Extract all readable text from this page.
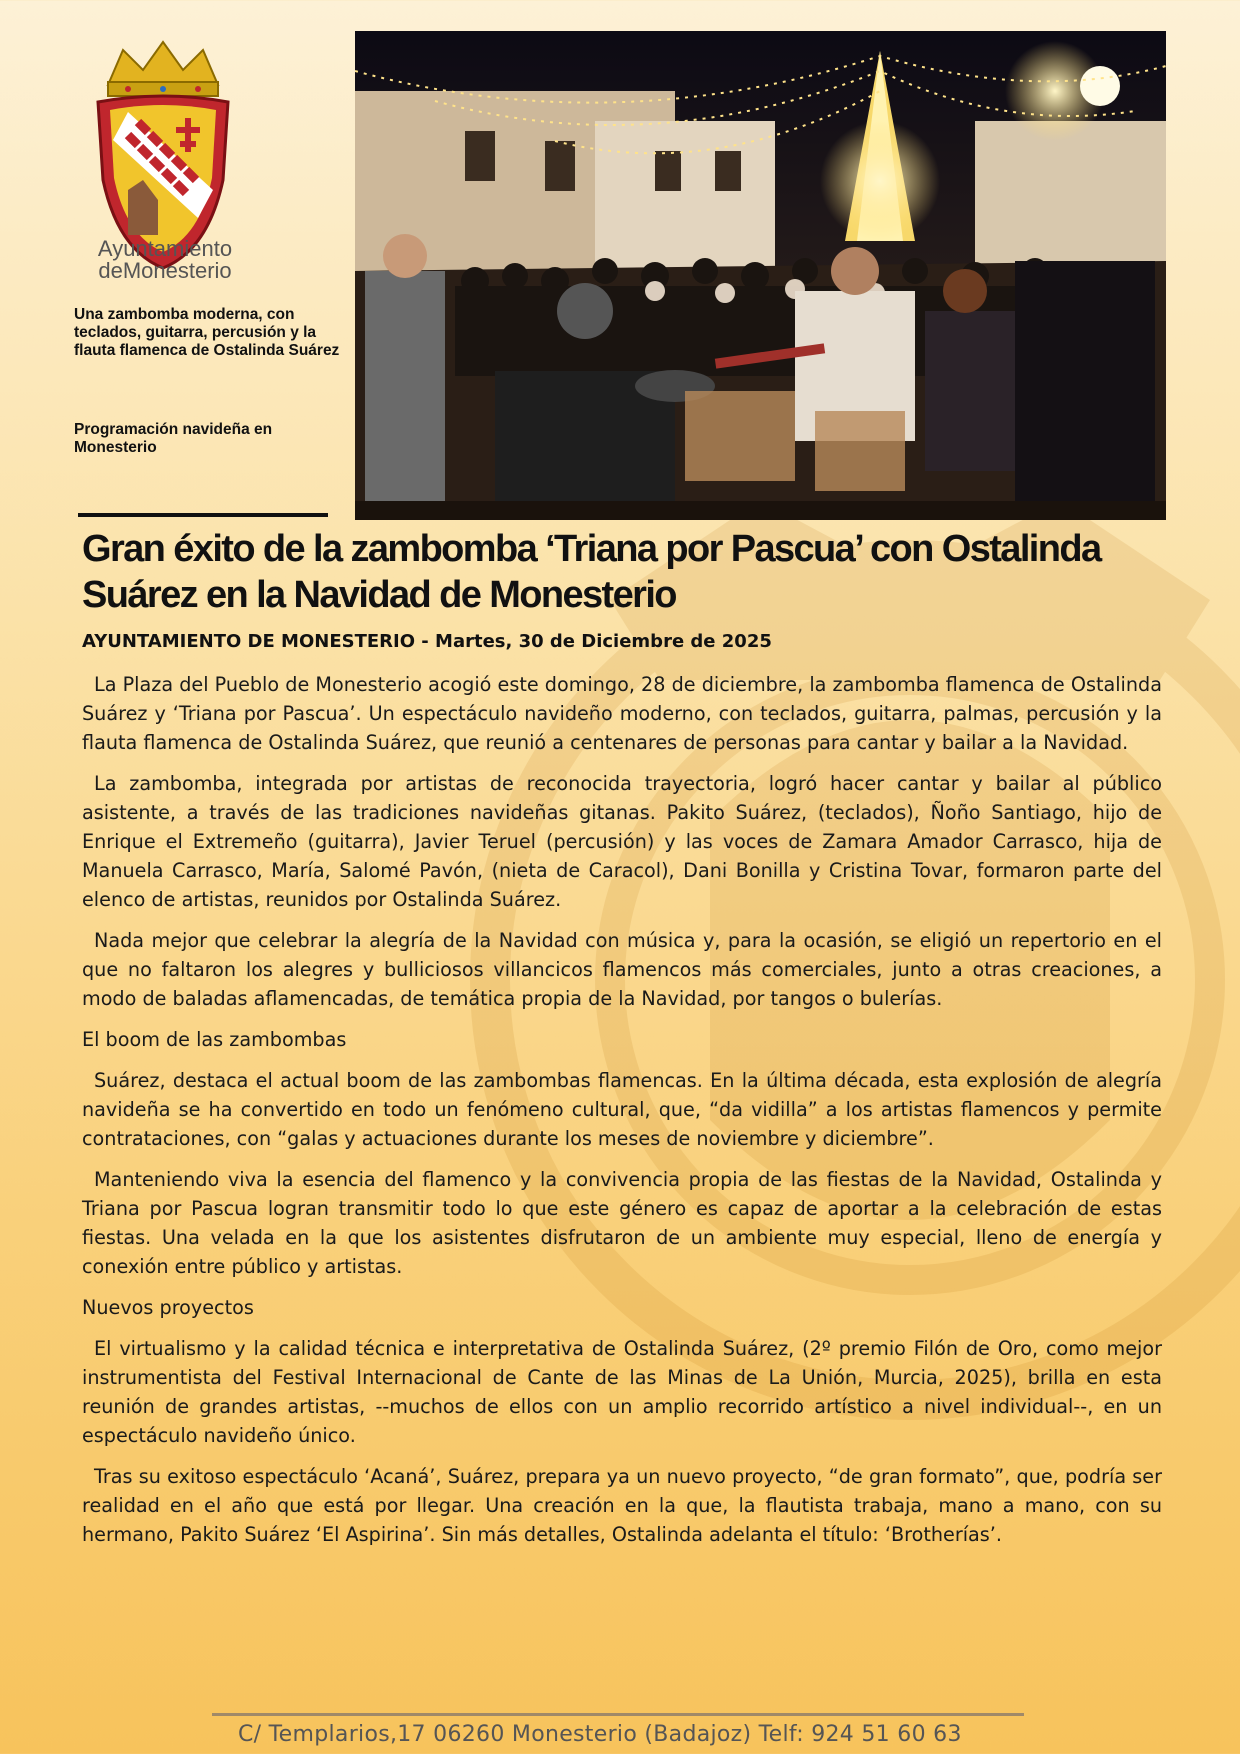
Ayuntamiento
deMonesterio
Una zambomba moderna, con teclados, guitarra, percusión y la flauta flamenca de Ostalinda Suárez
Programación navideña en Monesterio
Gran éxito de la zambomba ‘Triana por Pascua’ con Ostalinda Suárez en la Navidad de Monesterio
AYUNTAMIENTO DE MONESTERIO - Martes, 30 de Diciembre de 2025

La Plaza del Pueblo de Monesterio acogió este domingo, 28 de diciembre, la zambomba flamenca de Ostalinda Suárez y ‘Triana por Pascua’. Un espectáculo navideño moderno, con teclados, guitarra, palmas, percusión y la flauta flamenca de Ostalinda Suárez, que reunió a centenares de personas para cantar y bailar a la Navidad.

La zambomba, integrada por artistas de reconocida trayectoria, logró hacer cantar y bailar al público asistente, a través de las tradiciones navideñas gitanas. Pakito Suárez, (teclados), Ñoño Santiago, hijo de Enrique el Extremeño (guitarra), Javier Teruel (percusión) y las voces de Zamara Amador Carrasco, hija de Manuela Carrasco, María, Salomé Pavón, (nieta de Caracol), Dani Bonilla y Cristina Tovar, formaron parte del elenco de artistas, reunidos por Ostalinda Suárez.

Nada mejor que celebrar la alegría de la Navidad con música y, para la ocasión, se eligió un repertorio en el que no faltaron los alegres y bulliciosos villancicos flamencos más comerciales, junto a otras creaciones, a modo de baladas aflamencadas, de temática propia de la Navidad, por tangos o bulerías.

El boom de las zambombas

Suárez, destaca el actual boom de las zambombas flamencas. En la última década, esta explosión de alegría navideña se ha convertido en todo un fenómeno cultural, que, “da vidilla” a los artistas flamencos y permite contrataciones, con “galas y actuaciones durante los meses de noviembre y diciembre”.

Manteniendo viva la esencia del flamenco y la convivencia propia de las fiestas de la Navidad, Ostalinda y Triana por Pascua logran transmitir todo lo que este género es capaz de aportar a la celebración de estas fiestas. Una velada en la que los asistentes disfrutaron de un ambiente muy especial, lleno de energía y conexión entre público y artistas.

Nuevos proyectos

El virtualismo y la calidad técnica e interpretativa de Ostalinda Suárez, (2º premio Filón de Oro, como mejor instrumentista del Festival Internacional de Cante de las Minas de La Unión, Murcia, 2025), brilla en esta reunión de grandes artistas, --muchos de ellos con un amplio recorrido artístico a nivel individual--, en un espectáculo navideño único.

Tras su exitoso espectáculo ‘Acaná’, Suárez, prepara ya un nuevo proyecto, “de gran formato”, que, podría ser realidad en el año que está por llegar. Una creación en la que, la flautista trabaja, mano a mano, con su hermano, Pakito Suárez ‘El Aspirina’. Sin más detalles, Ostalinda adelanta el título: ‘Brotherías’.

C/ Templarios,17 06260 Monesterio (Badajoz) Telf: 924 51 60 63
